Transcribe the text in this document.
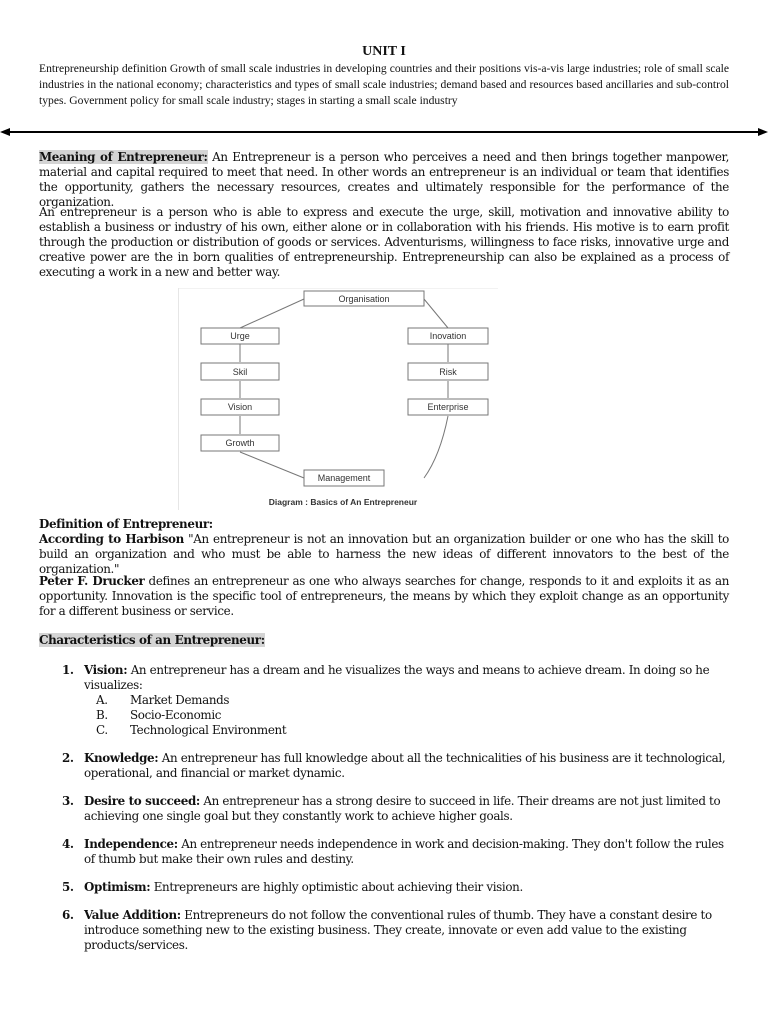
UNIT I
Entrepreneurship definition Growth of small scale industries in developing countries and their positions vis-a-vis large industries; role of small scale industries in the national economy; characteristics and types of small scale industries; demand based and resources based ancillaries and sub-control types. Government policy for small scale industry; stages in starting a small scale industry
Meaning of Entrepreneur: An Entrepreneur is a person who perceives a need and then brings together manpower, material and capital required to meet that need. In other words an entrepreneur is an individual or team that identifies the opportunity, gathers the necessary resources, creates and ultimately responsible for the performance of the organization.
An entrepreneur is a person who is able to express and execute the urge, skill, motivation and innovative ability to establish a business or industry of his own, either alone or in collaboration with his friends. His motive is to earn profit through the production or distribution of goods or services. Adventurisms, willingness to face risks, innovative urge and creative power are the in born qualities of entrepreneurship. Entrepreneurship can also be explained as a process of executing a work in a new and better way.
Organisation
Urge
Skil
Vision
Growth
Inovation
Risk
Enterprise
Management
Diagram : Basics of An Entrepreneur
Definition of Entrepreneur:
According to Harbison "An entrepreneur is not an innovation but an organization builder or one who has the skill to build an organization and who must be able to harness the new ideas of different innovators to the best of the organization."
Peter F. Drucker defines an entrepreneur as one who always searches for change, responds to it and exploits it as an opportunity. Innovation is the specific tool of entrepreneurs, the means by which they exploit change as an opportunity for a different business or service.
Characteristics of an Entrepreneur:
1. Vision: An entrepreneur has a dream and he visualizes the ways and means to achieve dream. In doing so he visualizes:
A. Market Demands
B. Socio-Economic
C. Technological Environment
2. Knowledge: An entrepreneur has full knowledge about all the technicalities of his business are it technological, operational, and financial or market dynamic.
3. Desire to succeed: An entrepreneur has a strong desire to succeed in life. Their dreams are not just limited to achieving one single goal but they constantly work to achieve higher goals.
4. Independence: An entrepreneur needs independence in work and decision-making. They don't follow the rules of thumb but make their own rules and destiny.
5. Optimism: Entrepreneurs are highly optimistic about achieving their vision.
6. Value Addition: Entrepreneurs do not follow the conventional rules of thumb. They have a constant desire to introduce something new to the existing business. They create, innovate or even add value to the existing products/services.
